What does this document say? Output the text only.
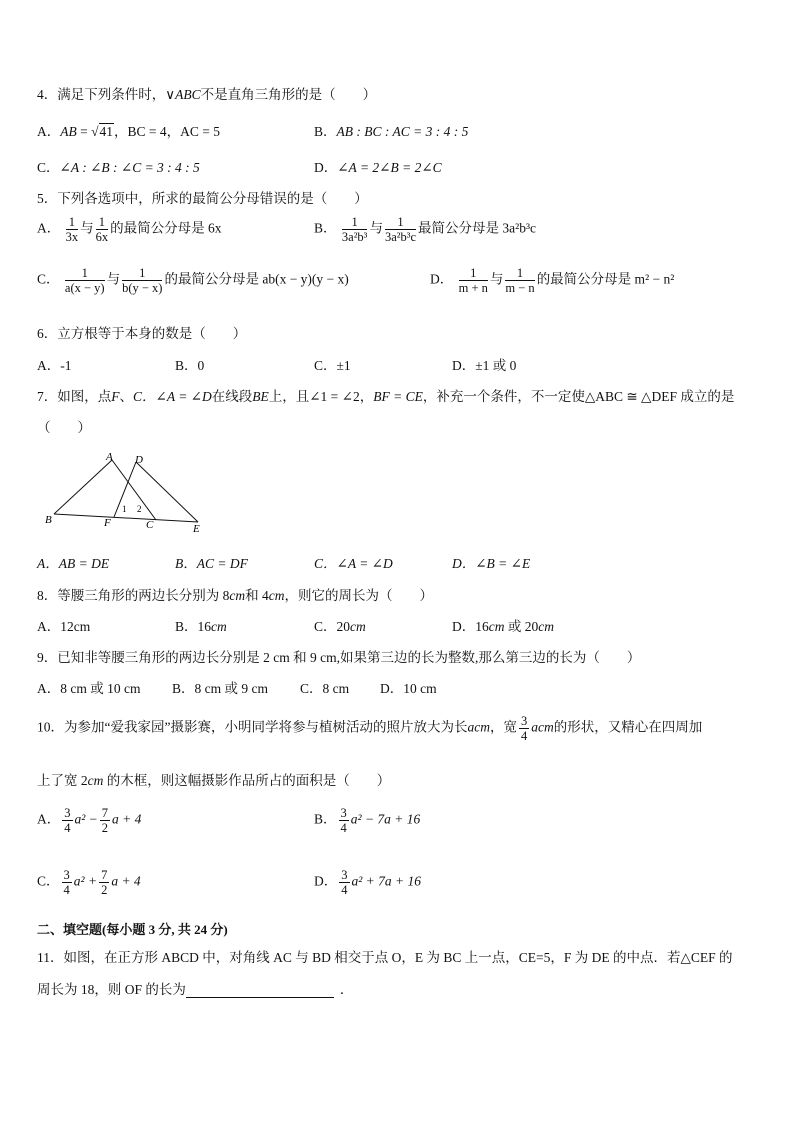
4．满足下列条件时，∨ABC不是直角三角形的是（　　）
A．AB = √41，BC = 4，AC = 5	B．AB : BC : AC = 3 : 4 : 5
C．∠A : ∠B : ∠C = 3 : 4 : 5	D．∠A = 2∠B = 2∠C
5．下列各选项中，所求的最简公分母错误的是（　　）
A． $\frac{1}{3x}$ 与 $\frac{1}{6x}$ 的最简公分母是 6x	B． $\frac{1}{\text{3a²b³}}$ 与 $\frac{1}{\text{3a²b³c}}$ 最简公分母是 3a²b³c
C． $\frac{1}{a(x - y)}$ 与 $\frac{1}{b(y - x)}$ 的最简公分母是 ab(x − y)(y − x)	D． $\frac{1}{m + n}$ 与 $\frac{1}{m - n}$ 的最简公分母是 m² − n²
6．立方根等于本身的数是（　　）
A．-1	B．0	C．±1	D．±1 或 0
7．如图，点F、C．∠A = ∠D在线段BE上，且∠1 = ∠2，BF = CE，补充一个条件，不一定使△ABC ≅ △DEF 成立的是
（　　）
A D
B	F	C	E
1 2
A．AB = DE	B．AC = DF	C．∠A = ∠D	D．∠B = ∠E
8．等腰三角形的两边长分别为 8cm和 4cm，则它的周长为（　　）
A．12cm	B．16cm	C．20cm	D．16cm 或 20cm
9．已知非等腰三角形的两边长分别是 2 cm 和 9 cm,如果第三边的长为整数,那么第三边的长为（　　）
A．8 cm 或 10 cm B．8 cm 或 9 cm C．8 cm D．10 cm
10．为参加“爱我家园”摄影赛，小明同学将参与植树活动的照片放大为长acm，宽 $\frac{3}{4}$ acm的形状，又精心在四周加
上了宽 2cm 的木框，则这幅摄影作品所占的面积是（　　）
A． $\frac{3}{4} a^2 - \frac{7}{2}$ a + 4	B． $\frac{3}{4} a^2 - 7a + 16$
C． $\frac{3}{4} a^2 + \frac{7}{2}$ a + 4	D． $\frac{3}{4} a^2 + 7a + 16$
二、填空题(每小题 3 分, 共 24 分)
11．如图，在正方形 ABCD 中，对角线 AC 与 BD 相交于点 O，E 为 BC 上一点，CE=5，F 为 DE 的中点．若△CEF 的
周长为 18，则 OF 的长为	．
